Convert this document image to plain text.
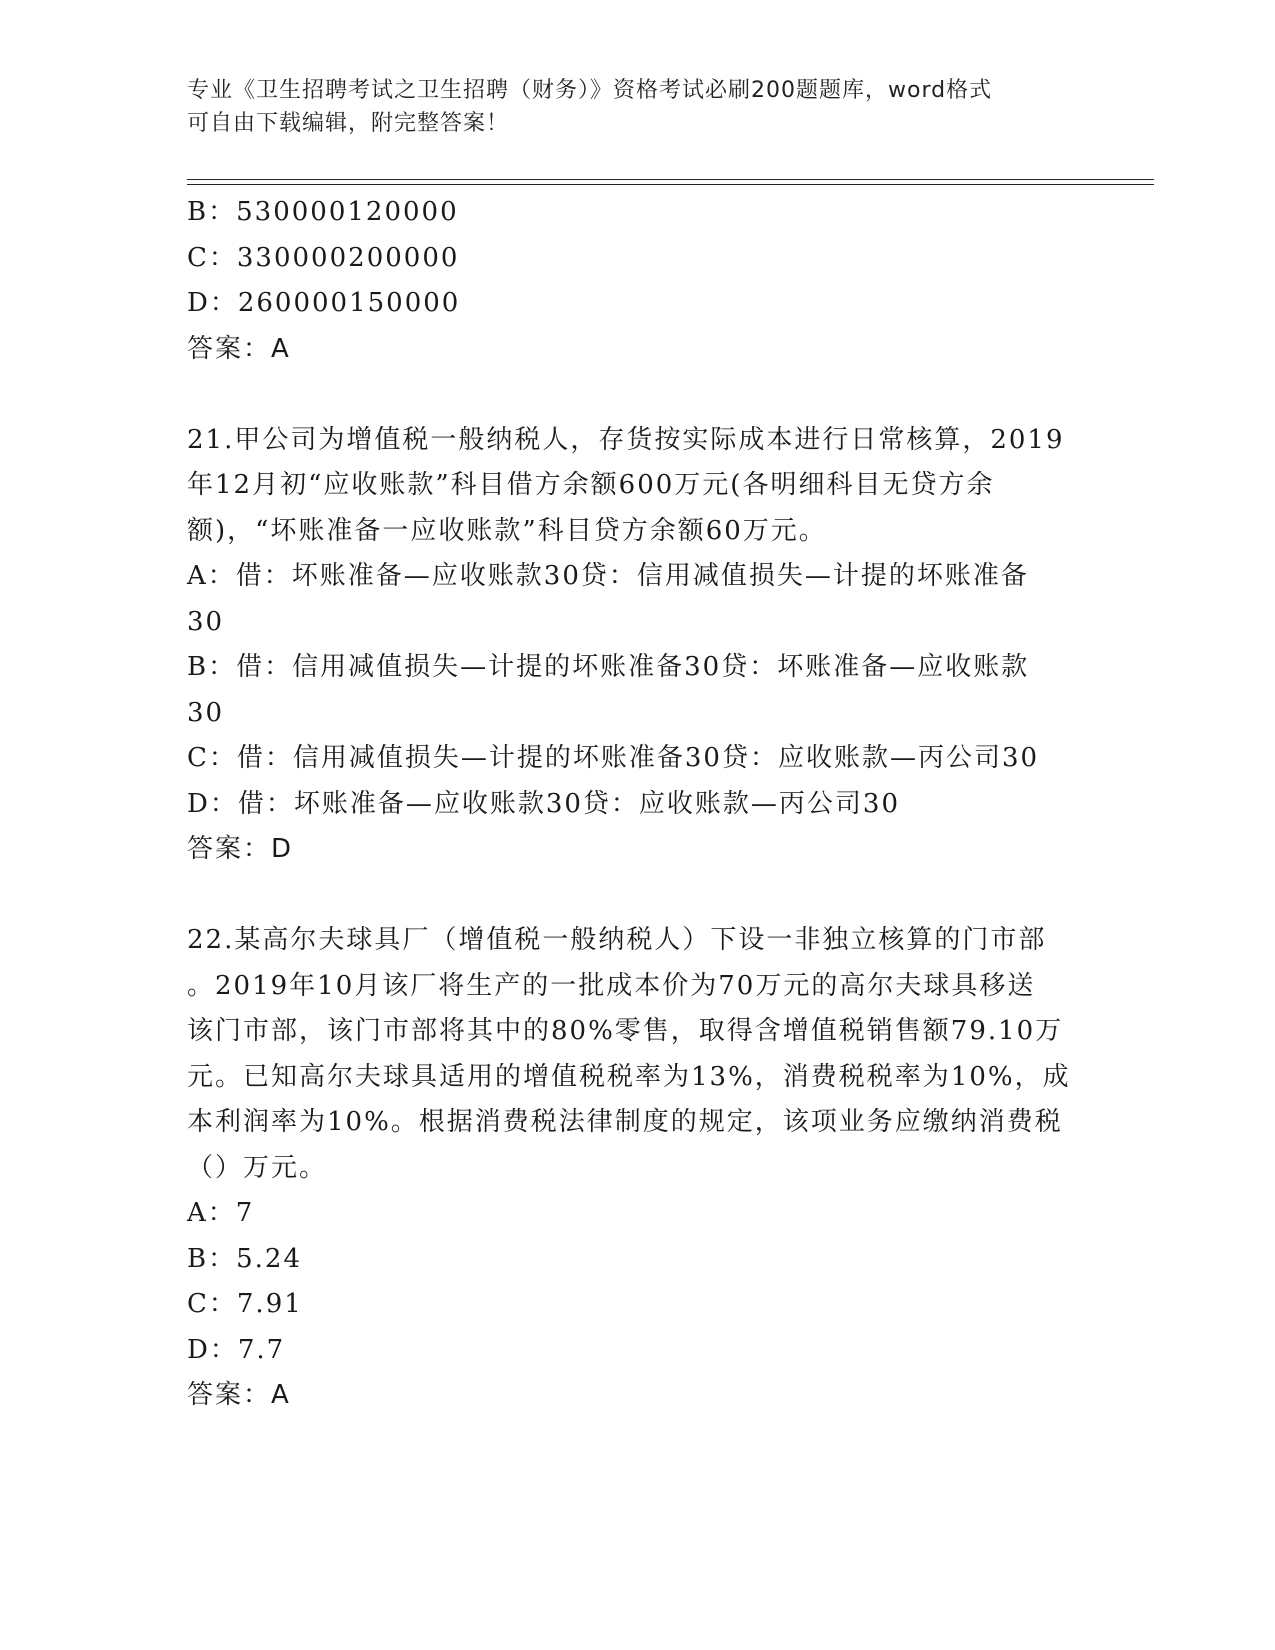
专业《卫生招聘考试之卫生招聘（财务）》资格考试必刷200题题库，word格式
可自由下载编辑，附完整答案！
B：530000120000
C：330000200000
D：260000150000
答案：A
21.甲公司为增值税一般纳税人，存货按实际成本进行日常核算，2019
年12月初“应收账款”科目借方余额600万元(各明细科目无贷方余
额)，“坏账准备一应收账款”科目贷方余额60万元。
A：借：坏账准备—应收账款30贷：信用减值损失—计提的坏账准备
30
B：借：信用减值损失—计提的坏账准备30贷：坏账准备—应收账款
30
C：借：信用减值损失—计提的坏账准备30贷：应收账款—丙公司30
D：借：坏账准备—应收账款30贷：应收账款—丙公司30
答案：D
22.某高尔夫球具厂（增值税一般纳税人）下设一非独立核算的门市部
。2019年10月该厂将生产的一批成本价为70万元的高尔夫球具移送
该门市部，该门市部将其中的80%零售，取得含增值税销售额79.10万
元。已知高尔夫球具适用的增值税税率为13%，消费税税率为10%，成
本利润率为10%。根据消费税法律制度的规定，该项业务应缴纳消费税
（）万元。
A：7
B：5.24
C：7.91
D：7.7
答案：A
